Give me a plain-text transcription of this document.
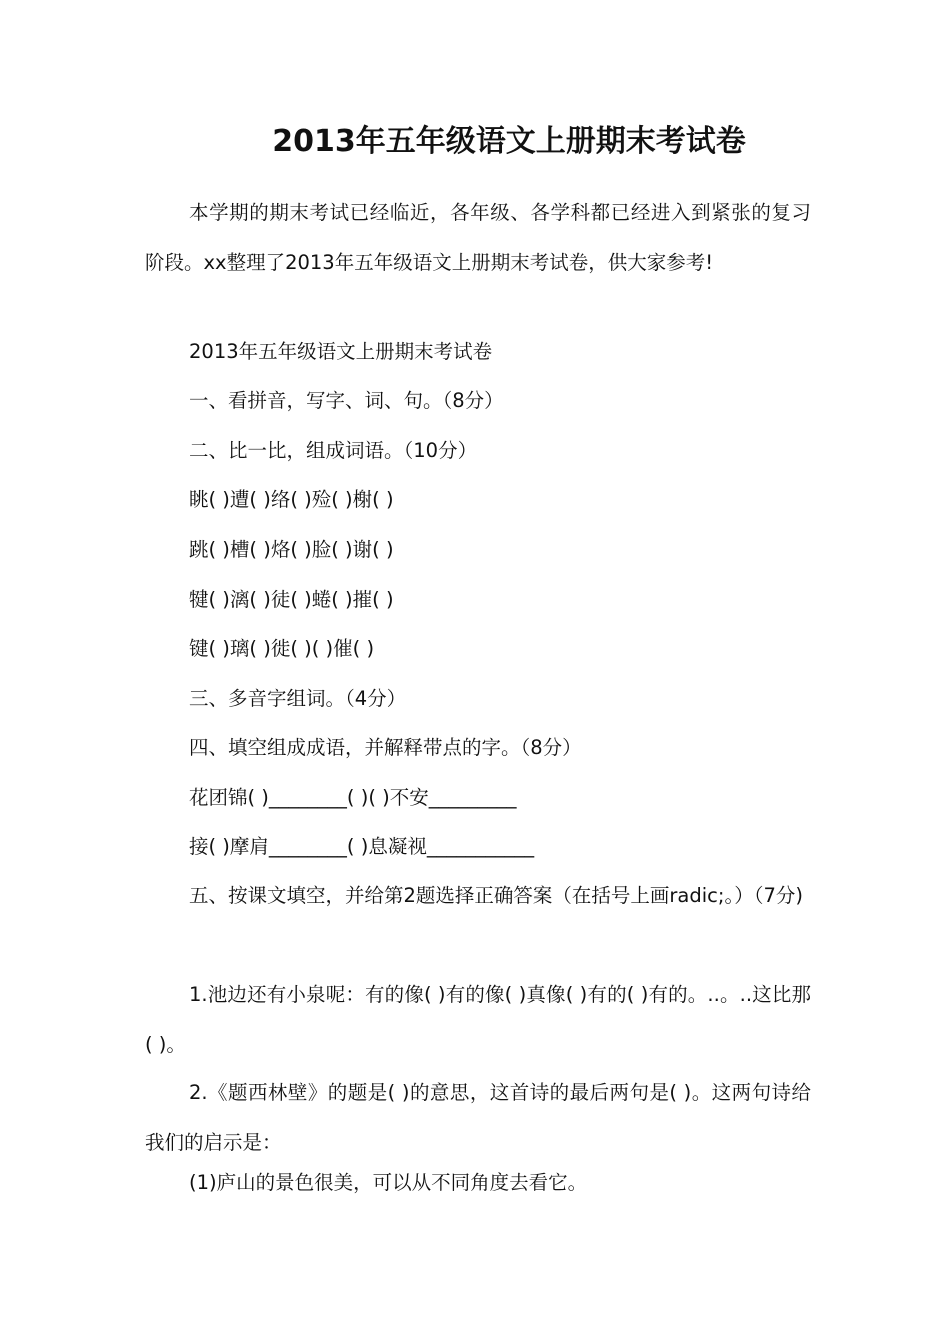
2013年五年级语文上册期末考试卷

本学期的期末考试已经临近，各年级、各学科都已经进入到紧张的复习阶段。xx整理了2013年五年级语文上册期末考试卷，供大家参考!

2013年五年级语文上册期末考试卷
一、看拼音，写字、词、句。（8分）
二、比一比，组成词语。（10分）
眺( )遭( )络( )殓( )榭( )
跳( )槽( )烙( )脸( )谢( )
犍( )漓( )徒( )蜷( )摧( )
键( )璃( )徙( )( )催( )
三、多音字组词。（4分）
四、填空组成成语，并解释带点的字。（8分）
花团锦( )________( )( )不安_________
接( )摩肩________( )息凝视___________

五、按课文填空，并给第2题选择正确答案（在括号上画radic;。）（7分)

1.池边还有小泉呢：有的像( )有的像( )真像( )有的( )有的。..。..这比那( )。

2.《题西林壁》的题是( )的意思，这首诗的最后两句是( )。这两句诗给我们的启示是：

(1)庐山的景色很美，可以从不同角度去看它。
